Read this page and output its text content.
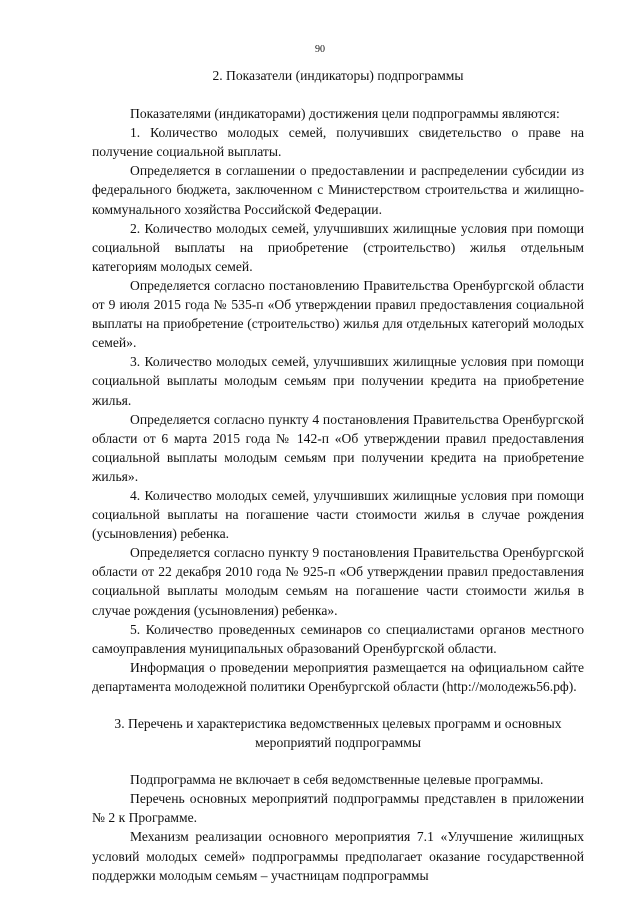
90
2. Показатели (индикаторы) подпрограммы

Показателями (индикаторами) достижения цели подпрограммы являются:

1. Количество молодых семей, получивших свидетельство о праве на получение социальной выплаты.

Определяется в соглашении о предоставлении и распределении субсидии из федерального бюджета, заключенном с Министерством строительства и жилищно-коммунального хозяйства Российской Федерации.

2. Количество молодых семей, улучшивших жилищные условия при помощи социальной выплаты на приобретение (строительство) жилья отдельным категориям молодых семей.

Определяется согласно постановлению Правительства Оренбургской области от 9 июля 2015 года № 535-п «Об утверждении правил предоставления социальной выплаты на приобретение (строительство) жилья для отдельных категорий молодых семей».

3. Количество молодых семей, улучшивших жилищные условия при помощи социальной выплаты молодым семьям при получении кредита на приобретение жилья.

Определяется согласно пункту 4 постановления Правительства Оренбургской области от 6 марта 2015 года № 142-п «Об утверждении правил предоставления социальной выплаты молодым семьям при получении кредита на приобретение жилья».

4. Количество молодых семей, улучшивших жилищные условия при помощи социальной выплаты на погашение части стоимости жилья в случае рождения (усыновления) ребенка.

Определяется согласно пункту 9 постановления Правительства Оренбургской области от 22 декабря 2010 года № 925-п «Об утверждении правил предоставления социальной выплаты молодым семьям на погашение части стоимости жилья в случае рождения (усыновления) ребенка».

5. Количество проведенных семинаров со специалистами органов местного самоуправления муниципальных образований Оренбургской области.

Информация о проведении мероприятия размещается на официальном сайте департамента молодежной политики Оренбургской области (http://молодежь56.рф).

3. Перечень и характеристика ведомственных целевых программ и основных
мероприятий подпрограммы

Подпрограмма не включает в себя ведомственные целевые программы.

Перечень основных мероприятий подпрограммы представлен в приложении № 2 к Программе.

Механизм реализации основного мероприятия 7.1 «Улучшение жилищных условий молодых семей» подпрограммы предполагает оказание государственной поддержки молодым семьям – участницам подпрограммы
